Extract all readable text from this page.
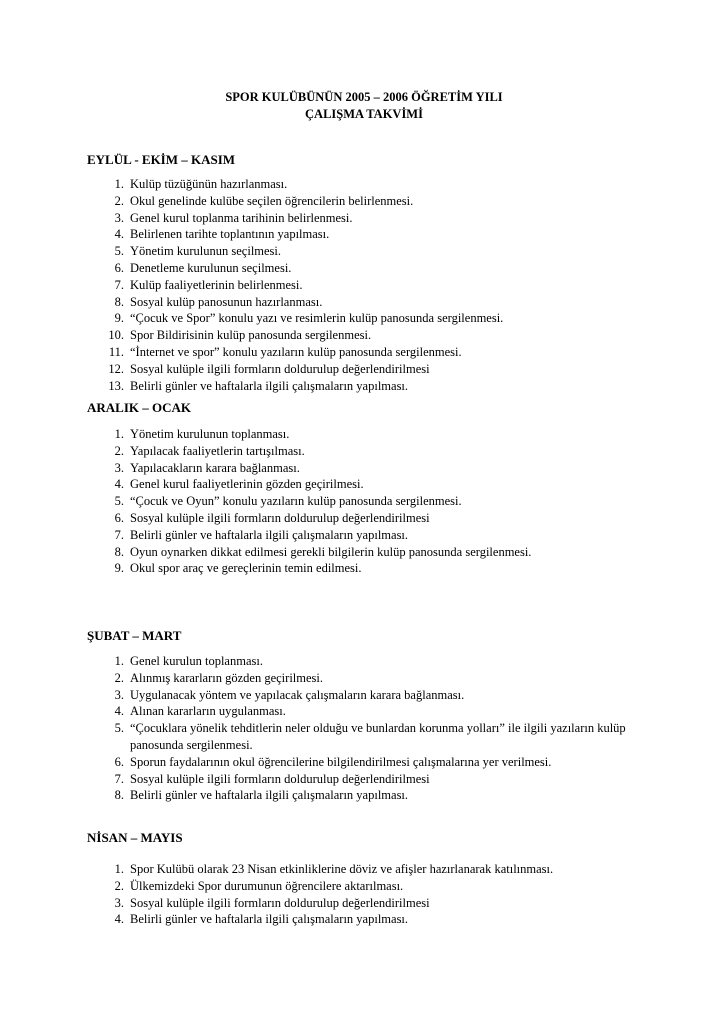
SPOR KULÜBÜNÜN 2005 – 2006 ÖĞRETİM YILI
ÇALIŞMA TAKVİMİ
EYLÜL - EKİM – KASIM
1. Kulüp tüzüğünün hazırlanması.
2. Okul genelinde kulübe seçilen öğrencilerin belirlenmesi.
3. Genel kurul toplanma tarihinin belirlenmesi.
4. Belirlenen tarihte toplantının yapılması.
5. Yönetim kurulunun seçilmesi.
6. Denetleme kurulunun seçilmesi.
7. Kulüp faaliyetlerinin belirlenmesi.
8. Sosyal kulüp panosunun hazırlanması.
9. “Çocuk ve Spor” konulu yazı ve resimlerin kulüp panosunda sergilenmesi.
10. Spor Bildirisinin kulüp panosunda sergilenmesi.
11. “İnternet ve spor” konulu yazıların kulüp panosunda sergilenmesi.
12. Sosyal kulüple ilgili formların doldurulup değerlendirilmesi
13. Belirli günler ve haftalarla ilgili çalışmaların yapılması.
ARALIK – OCAK
1. Yönetim kurulunun toplanması.
2. Yapılacak faaliyetlerin tartışılması.
3. Yapılacakların karara bağlanması.
4. Genel kurul faaliyetlerinin gözden geçirilmesi.
5. “Çocuk ve Oyun” konulu yazıların kulüp panosunda sergilenmesi.
6. Sosyal kulüple ilgili formların doldurulup değerlendirilmesi
7. Belirli günler ve haftalarla ilgili çalışmaların yapılması.
8. Oyun oynarken dikkat edilmesi gerekli bilgilerin kulüp panosunda sergilenmesi.
9. Okul spor araç ve gereçlerinin temin edilmesi.
ŞUBAT – MART
1. Genel kurulun toplanması.
2. Alınmış kararların gözden geçirilmesi.
3. Uygulanacak yöntem ve yapılacak çalışmaların karara bağlanması.
4. Alınan kararların uygulanması.
5. “Çocuklara yönelik tehditlerin neler olduğu ve bunlardan korunma yolları” ile ilgili yazıların kulüp panosunda sergilenmesi.
6. Sporun faydalarının okul öğrencilerine bilgilendirilmesi çalışmalarına yer verilmesi.
7. Sosyal kulüple ilgili formların doldurulup değerlendirilmesi
8. Belirli günler ve haftalarla ilgili çalışmaların yapılması.
NİSAN – MAYIS
1. Spor Kulübü olarak 23 Nisan etkinliklerine döviz ve afişler hazırlanarak katılınması.
2. Ülkemizdeki Spor durumunun öğrencilere aktarılması.
3. Sosyal kulüple ilgili formların doldurulup değerlendirilmesi
4. Belirli günler ve haftalarla ilgili çalışmaların yapılması.
